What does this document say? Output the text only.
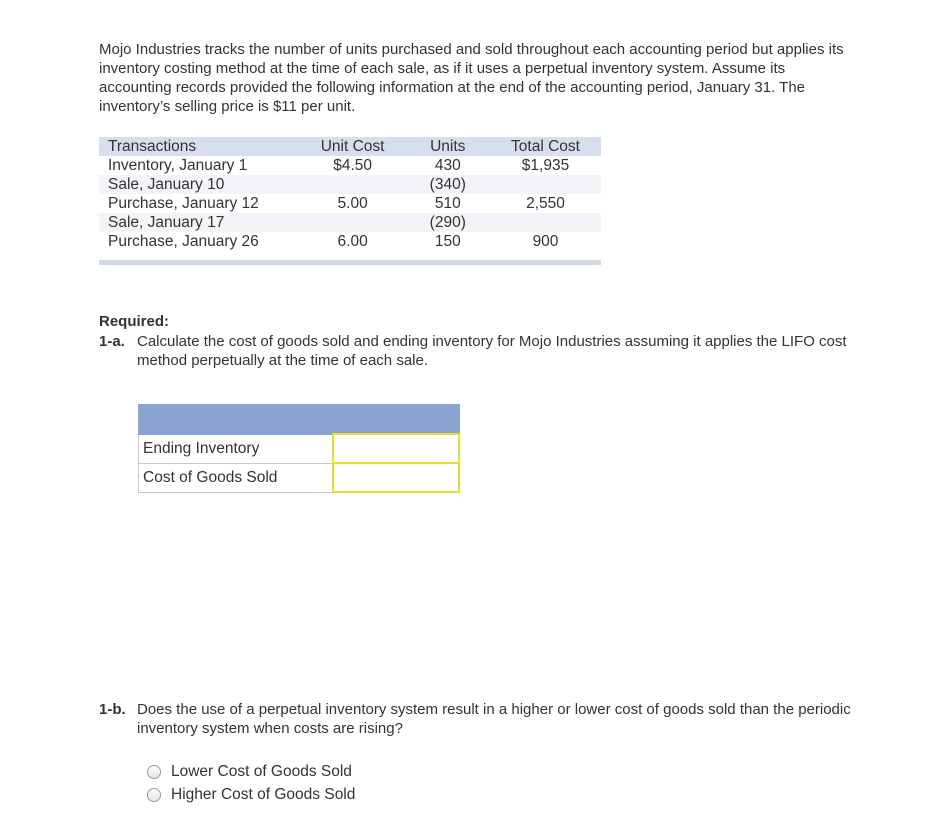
Mojo Industries tracks the number of units purchased and sold throughout each accounting period but applies its inventory costing method at the time of each sale, as if it uses a perpetual inventory system. Assume its accounting records provided the following information at the end of the accounting period, January 31. The inventory’s selling price is $11 per unit.

Transactions	Unit Cost	Units	Total Cost
Inventory, January 1	$4.50	430	$1,935
Sale, January 10		(340)	
Purchase, January 12	5.00	510	2,550
Sale, January 17		(290)	
Purchase, January 26	6.00	150	900
Required:
1-a. Calculate the cost of goods sold and ending inventory for Mojo Industries assuming it applies the LIFO cost method perpetually at the time of each sale.

Ending Inventory	
Cost of Goods Sold	
1-b. Does the use of a perpetual inventory system result in a higher or lower cost of goods sold than the periodic inventory system when costs are rising?
Lower Cost of Goods Sold
Higher Cost of Goods Sold
